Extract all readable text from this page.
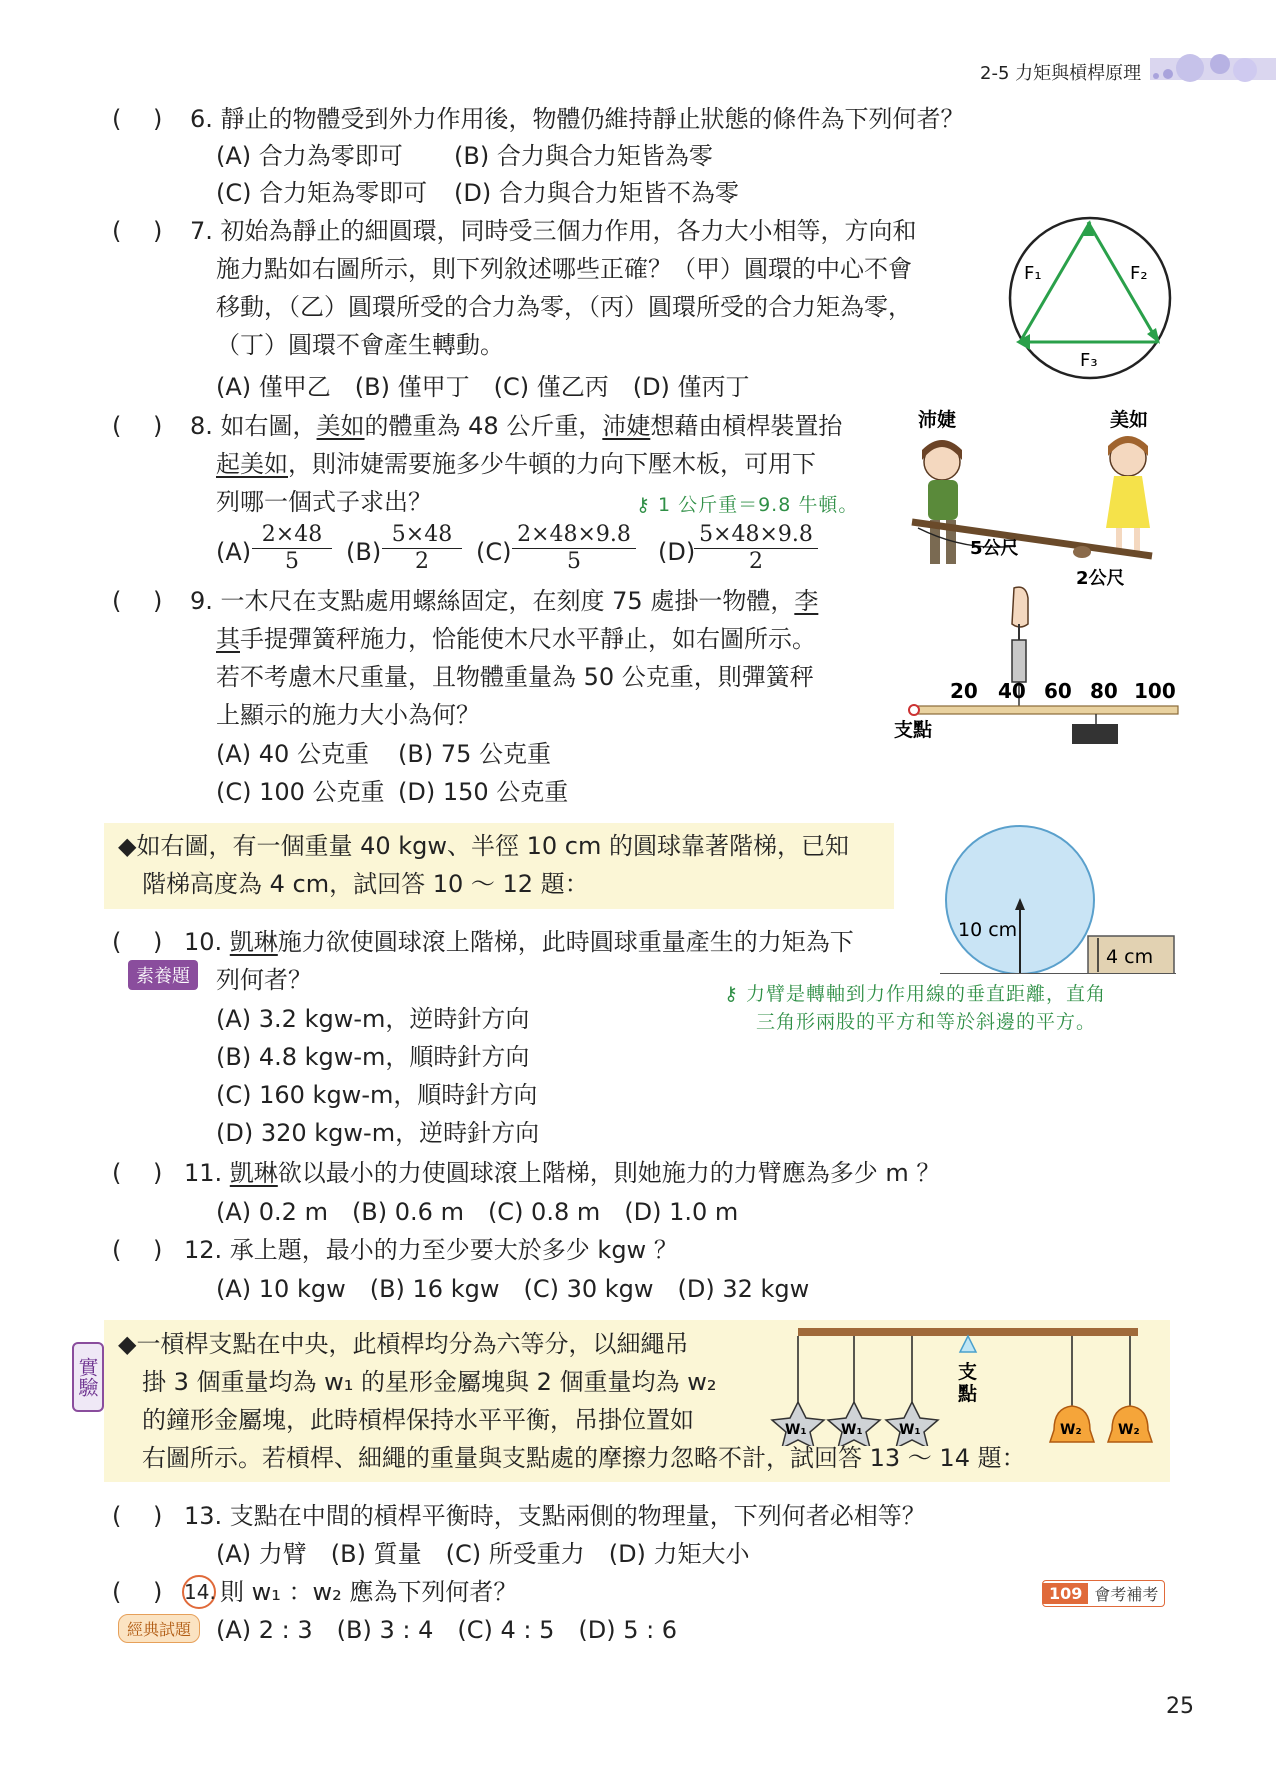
2-5 力矩與槓桿原理
(　 ) 6. 靜止的物體受到外力作用後，物體仍維持靜止狀態的條件為下列何者？
(A) 合力為零即可 (B) 合力與合力矩皆為零
(C) 合力矩為零即可 (D) 合力與合力矩皆不為零
(　 ) 7. 初始為靜止的細圓環，同時受三個力作用，各力大小相等，方向和
施力點如右圖所示，則下列敘述哪些正確？（甲）圓環的中心不會
移動，（乙）圓環所受的合力為零，（丙）圓環所受的合力矩為零，
（丁）圓環不會產生轉動。
(A) 僅甲乙　(B) 僅甲丁　(C) 僅乙丙　(D) 僅丙丁
F₁	F₂
F₃
(　 ) 8. 如右圖，美如的體重為 48 公斤重，沛婕想藉由槓桿裝置抬
起美如，則沛婕需要施多少牛頓的力向下壓木板，可用下
列哪一個式子求出？	⚷ 1 公斤重＝9.8 牛頓。
$(A) \frac{2\times 48}{5} (B) \frac{5\times 48}{2} (C) \frac{2\times 48\times 9.8}{5} (D)$
$\frac{5\times 48\times 9.8}{2}$
沛婕	美如
5公尺
2公尺
(　 ) 9. 一木尺在支點處用螺絲固定，在刻度 75 處掛一物體，李
其手提彈簧秤施力，恰能使木尺水平靜止，如右圖所示。
若不考慮木尺重量，且物體重量為 50 公克重，則彈簧秤
上顯示的施力大小為何？
(A) 40 公克重 (B) 75 公克重
(C) 100 公克重 (D) 150 公克重
20 40 60 80 100
支點
◆如右圖，有一個重量 40 kgw、半徑 10 cm 的圓球靠著階梯，已知
階梯高度為 4 cm，試回答 10 ～ 12 題：
10 cm
4 cm
(　 )
素養題
10. 凱琳施力欲使圓球滾上階梯，此時圓球重量產生的力矩為下
列何者？	⚷ 力臂是轉軸到力作用線的垂直距離，直角
三角形兩股的平方和等於斜邊的平方。
(A) 3.2 kgw-m，逆時針方向
(B) 4.8 kgw-m，順時針方向
(C) 160 kgw-m，順時針方向
(D) 320 kgw-m，逆時針方向
(　 ) 11. 凱琳欲以最小的力使圓球滾上階梯，則她施力的力臂應為多少 m ？
(A) 0.2 m　(B) 0.6 m　(C) 0.8 m　(D) 1.0 m
(　 ) 12. 承上題，最小的力至少要大於多少 kgw ？
(A) 10 kgw　(B) 16 kgw　(C) 30 kgw　(D) 32 kgw
實驗
◆一槓桿支點在中央，此槓桿均分為六等分，以細繩吊
掛 3 個重量均為 w₁ 的星形金屬塊與 2 個重量均為 w₂
的鐘形金屬塊，此時槓桿保持水平平衡，吊掛位置如
右圖所示。若槓桿、細繩的重量與支點處的摩擦力忽略不計，試回答 13 ～ 14 題：
支
點
W₁ W₁	W₁	W₂	W₂
(　 ) 13. 支點在中間的槓桿平衡時，支點兩側的物理量，下列何者必相等？
(A) 力臂　(B) 質量　(C) 所受重力　(D) 力矩大小
(　 ) 14. 則 w₁ ：w₂ 應為下列何者？
經典試題	(A) 2 : 3　(B) 3 : 4　(C) 4 : 5　(D) 5 : 6
109 會考補考
25
